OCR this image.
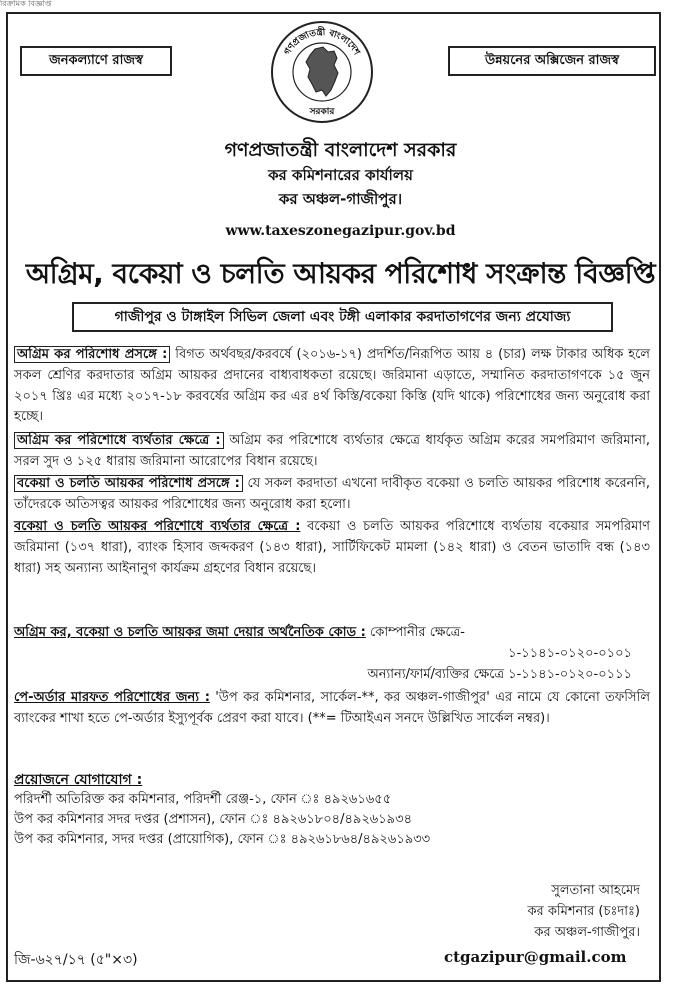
রিক্রমিক বিজ্ঞপ্তি
জনকল্যাণে রাজস্ব	উন্নয়নের অক্সিজেন রাজস্ব
গণপ্রজাতন্ত্রী বাংলাদেশ
সরকার
গণপ্রজাতন্ত্রী বাংলাদেশ সরকার
কর কমিশনারের কার্যালয়
কর অঞ্চল-গাজীপুর।
www.taxeszonegazipur.gov.bd
অগ্রিম, বকেয়া ও চলতি আয়কর পরিশোধ সংক্রান্ত বিজ্ঞপ্তি
গাজীপুর ও টাঙ্গাইল সিভিল জেলা এবং টঙ্গী এলাকার করদাতাগণের জন্য প্রযোজ্য
অগ্রিম কর পরিশোধ প্রসঙ্গে : বিগত অর্থবছর/করবর্ষে (২০১৬-১৭) প্রদর্শিত/নিরূপিত আয় ৪ (চার) লক্ষ টাকার অধিক হলে সকল শ্রেণির করদাতার অগ্রিম আয়কর প্রদানের বাধ্যবাধকতা রয়েছে। জরিমানা এড়াতে, সম্মানিত করদাতাগণকে ১৫ জুন ২০১৭ খ্রিঃ এর মধ্যে ২০১৭-১৮ করবর্ষের অগ্রিম কর এর ৪র্থ কিস্তি/বকেয়া কিস্তি (যদি থাকে) পরিশোধের জন্য অনুরোধ করা হচ্ছে।
অগ্রিম কর পরিশোধে ব্যর্থতার ক্ষেত্রে : অগ্রিম কর পরিশোধে ব্যর্থতার ক্ষেত্রে ধার্যকৃত অগ্রিম করের সমপরিমাণ জরিমানা, সরল সুদ ও ১২৫ ধারায় জরিমানা আরোপের বিধান রয়েছে।
বকেয়া ও চলতি আয়কর পরিশোধ প্রসঙ্গে : যে সকল করদাতা এখনো দাবীকৃত বকেয়া ও চলতি আয়কর পরিশোধ করেননি, তাঁদেরকে অতিসত্বর আয়কর পরিশোধের জন্য অনুরোধ করা হলো।
বকেয়া ও চলতি আয়কর পরিশোধে ব্যর্থতার ক্ষেত্রে : বকেয়া ও চলতি আয়কর পরিশোধে ব্যর্থতায় বকেয়ার সমপরিমাণ জরিমানা (১৩৭ ধারা), ব্যাংক হিসাব জব্দকরণ (১৪৩ ধারা), সার্টিফিকেট মামলা (১৪২ ধারা) ও বেতন ভাতাদি বন্ধ (১৪৩ ধারা) সহ অন্যান্য আইনানুগ কার্যক্রম গ্রহণের বিধান রয়েছে।
অগ্রিম কর, বকেয়া ও চলতি আয়কর জমা দেয়ার অর্থনৈতিক কোড : কোম্পানীর ক্ষেত্রে-
১-১১৪১-০১২০-০১০১
অন্যান্য/ফার্ম/ব্যক্তির ক্ষেত্রে ১-১১৪১-০১২০-০১১১
পে-অর্ডার মারফত পরিশোধের জন্য : 'উপ কর কমিশনার, সার্কেল-**, কর অঞ্চল-গাজীপুর' এর নামে যে কোনো তফসিলি ব্যাংকের শাখা হতে পে-অর্ডার ইস্যুপূর্বক প্রেরণ করা যাবে। (**= টিআইএন সনদে উল্লিখিত সার্কেল নম্বর)।
প্রয়োজনে যোগাযোগ :
পরিদর্শী অতিরিক্ত কর কমিশনার, পরিদর্শী রেঞ্জ-১, ফোন ঃ ৪৯২৬১৬৫৫
উপ কর কমিশনার সদর দপ্তর (প্রশাসন), ফোন ঃ ৪৯২৬১৮০৪/৪৯২৬১৯৩৪
উপ কর কমিশনার, সদর দপ্তর (প্রায়োগিক), ফোন ঃ ৪৯২৬১৮৬৪/৪৯২৬১৯৩৩
সুলতানা আহমেদ
কর কমিশনার (চঃদাঃ)
কর অঞ্চল-গাজীপুর।
জি-৬২৭/১৭ (৫"×৩)	ctgazipur@gmail.com
